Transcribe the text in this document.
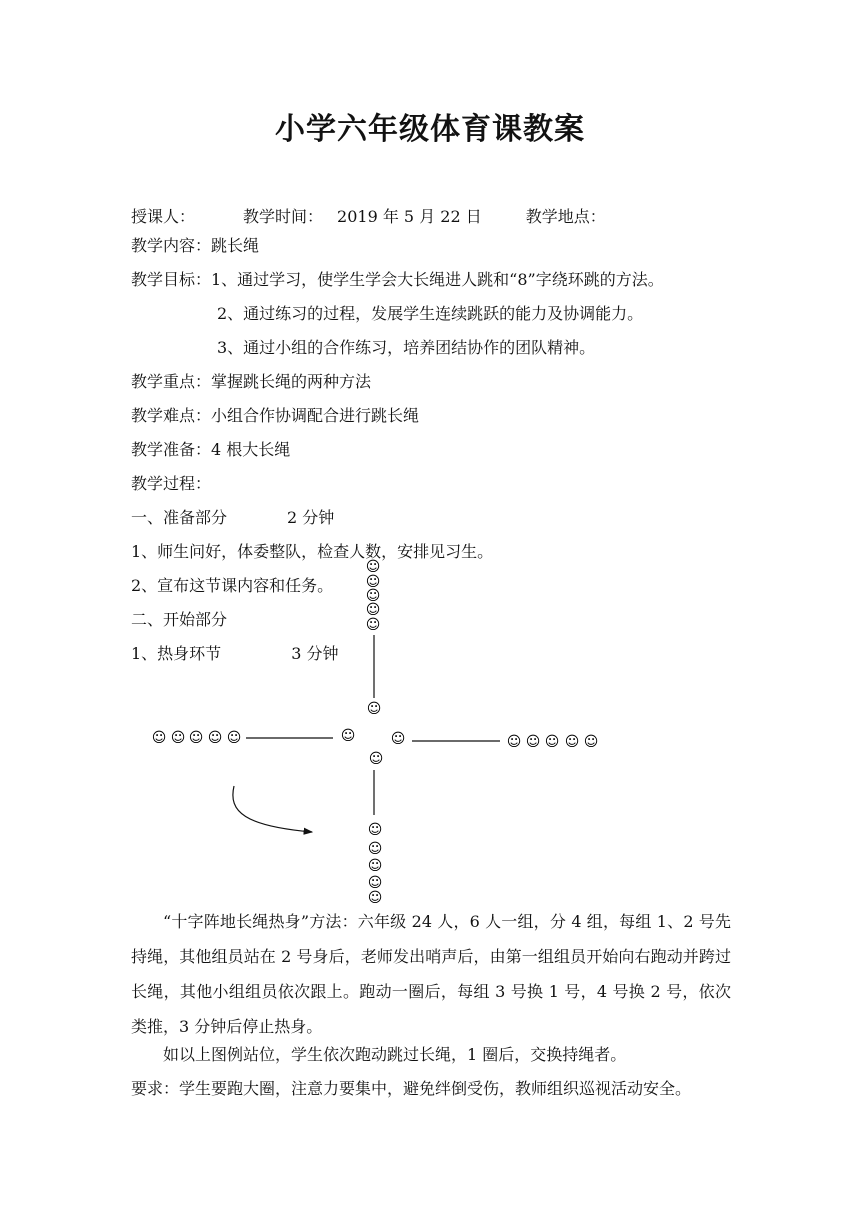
小学六年级体育课教案
授课人：	教学时间： 2019 年 5 月 22 日	教学地点：
教学内容：跳长绳
教学目标：1、通过学习，使学生学会大长绳进人跳和“8”字绕环跳的方法。
2、通过练习的过程，发展学生连续跳跃的能力及协调能力。
3、通过小组的合作练习，培养团结协作的团队精神。
教学重点：掌握跳长绳的两种方法
教学难点：小组合作协调配合进行跳长绳
教学准备：4 根大长绳
教学过程：
一、准备部分	2 分钟
1、师生问好，体委整队，检查人数，安排见习生。
2、宣布这节课内容和任务。
二、开始部分
1、热身环节	3 分钟
☺
☺
☺
☺
☺
☺ ☺ ☺ ☺ ☺	☺ ☺ ☺ ☺ ☺
☺
☺
☺
☺
☺
☺
☺	☺
☺
“十字阵地长绳热身”方法：六年级 24 人，6 人一组，分 4 组，每组 1、2 号先持绳，其他组员站在 2 号身后，老师发出哨声后，由第一组组员开始向右跑动并跨过长绳，其他小组组员依次跟上。跑动一圈后，每组 3 号换 1 号，4 号换 2 号，依次类推，3 分钟后停止热身。
如以上图例站位，学生依次跑动跳过长绳，1 圈后，交换持绳者。
要求：学生要跑大圈，注意力要集中，避免绊倒受伤，教师组织巡视活动安全。
